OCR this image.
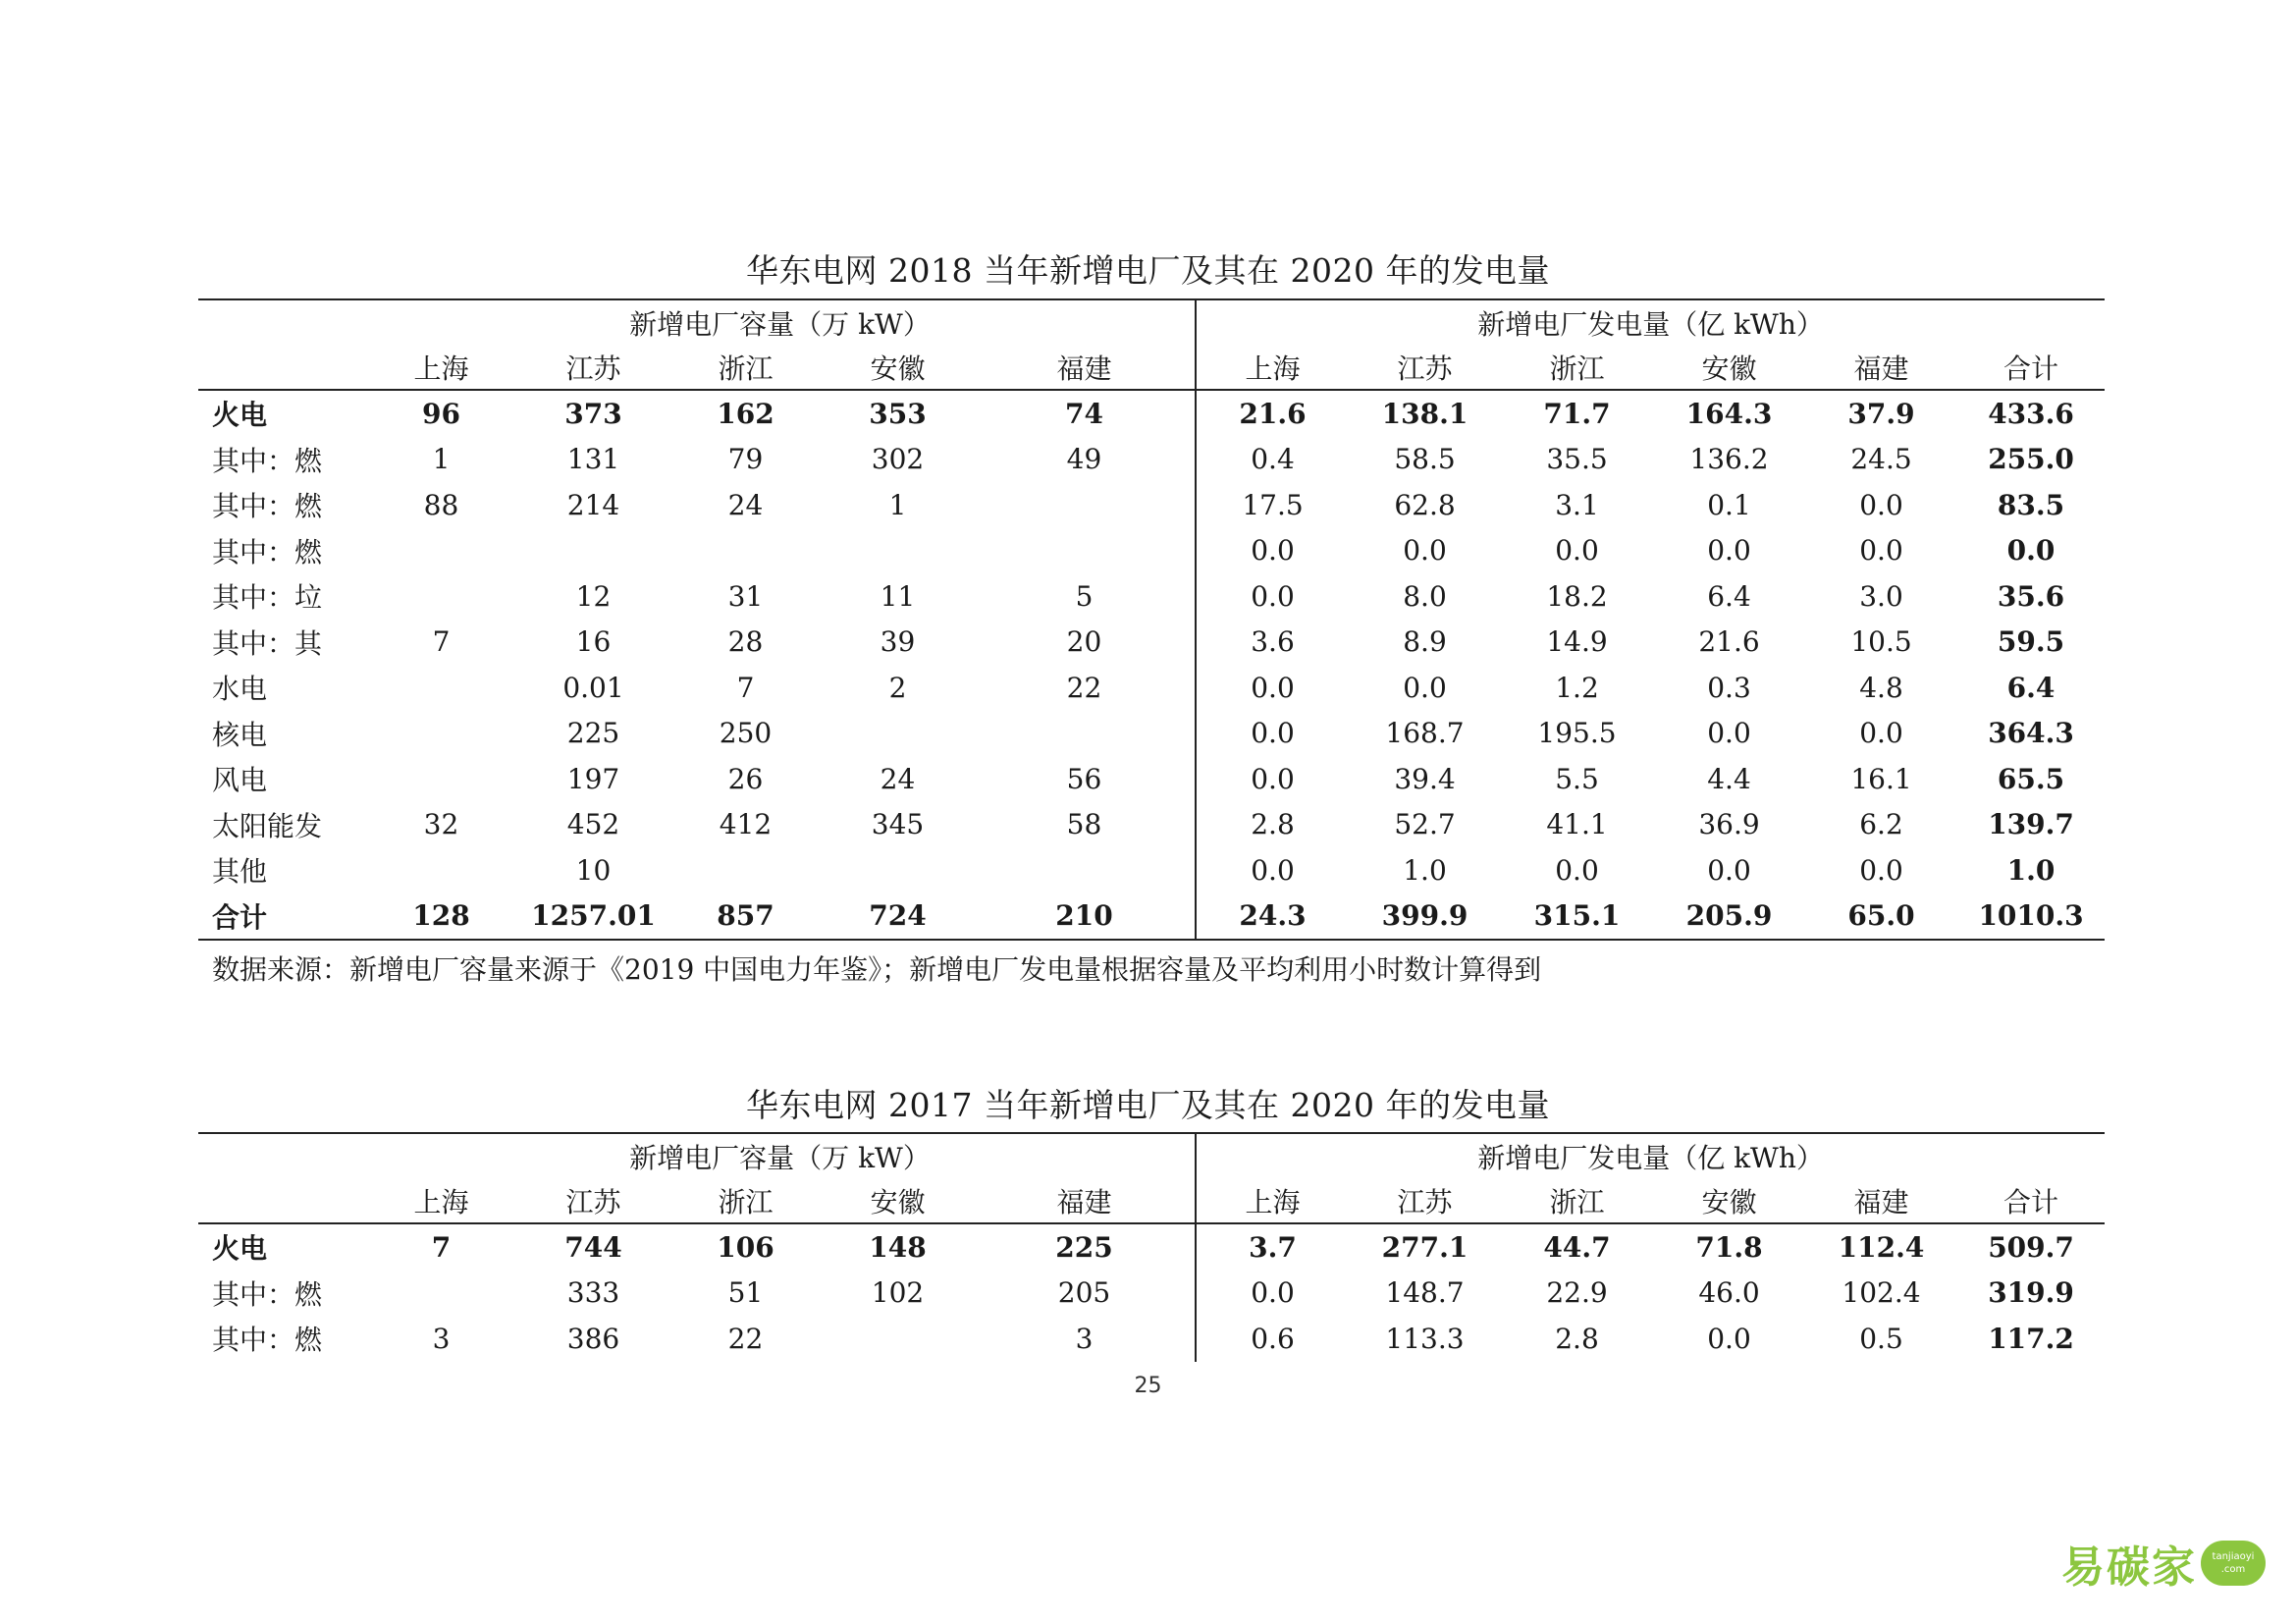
华东电网 2018 当年新增电厂及其在 2020 年的发电量
	新增电厂容量（万 kW）					新增电厂发电量（亿 kWh）					
	上海	江苏	浙江	安徽	福建	上海	江苏	浙江	安徽	福建	合计
火电	96	373	162	353	74	21.6	138.1	71.7	164.3	37.9	433.6
其中：燃	1	131	79	302	49	0.4	58.5	35.5	136.2	24.5	255.0
其中：燃	88	214	24	1		17.5	62.8	3.1	0.1	0.0	83.5
其中：燃						0.0	0.0	0.0	0.0	0.0	0.0
其中：垃		12	31	11	5	0.0	8.0	18.2	6.4	3.0	35.6
其中：其	7	16	28	39	20	3.6	8.9	14.9	21.6	10.5	59.5
水电		0.01	7	2	22	0.0	0.0	1.2	0.3	4.8	6.4
核电		225	250			0.0	168.7	195.5	0.0	0.0	364.3
风电		197	26	24	56	0.0	39.4	5.5	4.4	16.1	65.5
太阳能发	32	452	412	345	58	2.8	52.7	41.1	36.9	6.2	139.7
其他		10				0.0	1.0	0.0	0.0	0.0	1.0
合计	128	1257.01	857	724	210	24.3	399.9	315.1	205.9	65.0	1010.3
数据来源：新增电厂容量来源于《2019 中国电力年鉴》；新增电厂发电量根据容量及平均利用小时数计算得到
华东电网 2017 当年新增电厂及其在 2020 年的发电量
	新增电厂容量（万 kW）					新增电厂发电量（亿 kWh）					
	上海	江苏	浙江	安徽	福建	上海	江苏	浙江	安徽	福建	合计
火电	7	744	106	148	225	3.7	277.1	44.7	71.8	112.4	509.7
其中：燃		333	51	102	205	0.0	148.7	22.9	46.0	102.4	319.9
其中：燃	3	386	22		3	0.6	113.3	2.8	0.0	0.5	117.2
25
易碳家 tanjiaoyi
.com
